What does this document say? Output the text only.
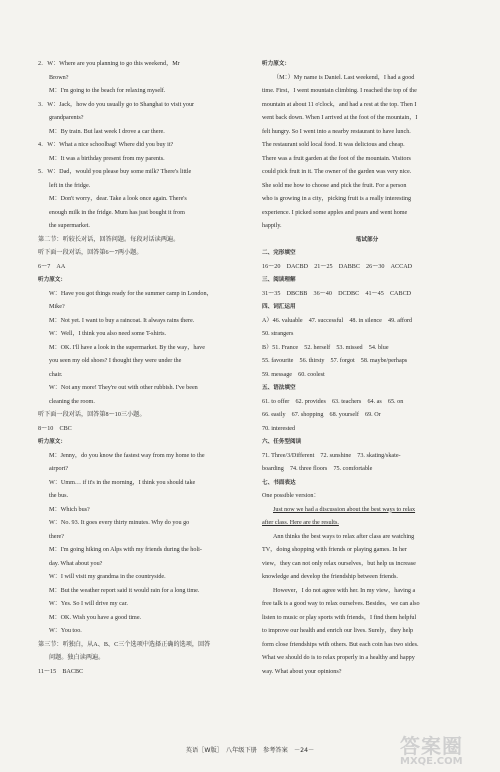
2．W：Where are you planning to go this weekend，Mr

Brown?

M：I'm going to the beach for relaxing myself.

3．W：Jack，how do you usually go to Shanghai to visit your

grandparents?

M：By train. But last week I drove a car there.

4．W：What a nice schoolbag! Where did you buy it?

M：It was a birthday present from my parents.

5．W：Dad，would you please buy some milk? There's little

left in the fridge.

M：Don't worry，dear. Take a look once again. There's

enough milk in the fridge. Mum has just bought it from

the supermarket.

第二节：听较长对话，回答问题。每段对话读两遍。

听下面一段对话，回答第6～7两小题。

6～7　AA

听力原文：

W：Have you got things ready for the summer camp in London，

Mike?

M：Not yet. I want to buy a raincoat. It always rains there.

W：Well，I think you also need some T-shirts.

M：OK. I'll have a look in the supermarket. By the way，have

you seen my old shoes? I thought they were under the

chair.

W：Not any more! They're out with other rubbish. I've been

cleaning the room.

听下面一段对话，回答第8～10三小题。

8～10　CBC

听力原文：

M：Jenny，do you know the fastest way from my home to the

airport?

W：Umm… if it's in the morning，I think you should take

the bus.

M：Which bus?

W：No. 93. It goes every thirty minutes. Why do you go

there?

M：I'm going hiking on Alps with my friends during the holi-

day. What about you?

W：I will visit my grandma in the countryside.

M：But the weather report said it would rain for a long time.

W：Yes. So I will drive my car.

M：OK. Wish you have a good time.

W：You too.

第三节：听独白，从A、B、C三个选项中选择正确的选项，回答

问题。独白读两遍。

11～15　BACBC

听力原文：

（M：）My name is Daniel. Last weekend，I had a good

time. First，I went mountain climbing. I reached the top of the

mountain at about 11 o'clock，and had a rest at the top. Then I

went back down. When I arrived at the foot of the mountain，I

felt hungry. So I went into a nearby restaurant to have lunch.

The restaurant sold local food. It was delicious and cheap.

There was a fruit garden at the foot of the mountain. Visitors

could pick fruit in it. The owner of the garden was very nice.

She sold me how to choose and pick the fruit. For a person

who is growing in a city，picking fruit is a really interesting

experience. I picked some apples and pears and went home

happily.

笔试部分

二、完形填空

16～20　DACBD　21～25　DABBC　26～30　ACCAD

三、阅读理解

31～35　DBCBB　36～40　DCDBC　41～45　CABCD

四、词汇运用

A）46. valuable　47. successful　48. in silence　49. afford

50. strangers

B）51. France　52. herself　53. missed　54. blue

55. favourite　56. thirsty　57. forgot　58. maybe/perhaps

59. message　60. coolest

五、语法填空

61. to offer　62. provides　63. teachers　64. as　65. on

66. easily　67. shopping　68. yourself　69. Or

70. interested

六、任务型阅读

71. Three/3/Different　72. sunshine　73. skating/skate-

boarding　74. three floors　75. comfortable

七、书面表达

One possible version：

Just now we had a discussion about the best ways to relax

after class. Here are the results.

Ann thinks the best ways to relax after class are watching

TV，doing shopping with friends or playing games. In her

view，they can not only relax ourselves，but help us increase

knowledge and develop the friendship between friends.

However，I do not agree with her. In my view，having a

free talk is a good way to relax ourselves. Besides，we can also

listen to music or play sports with friends，I find them helpful

to improve our health and enrich our lives. Surely，they help

form close friendships with others. But each coin has two sides.

What we should do is to relax properly in a healthy and happy

way. What about your opinions?

英语［W版］　八年级下册　参考答案　－24－	答案圈
MXQE.COM
